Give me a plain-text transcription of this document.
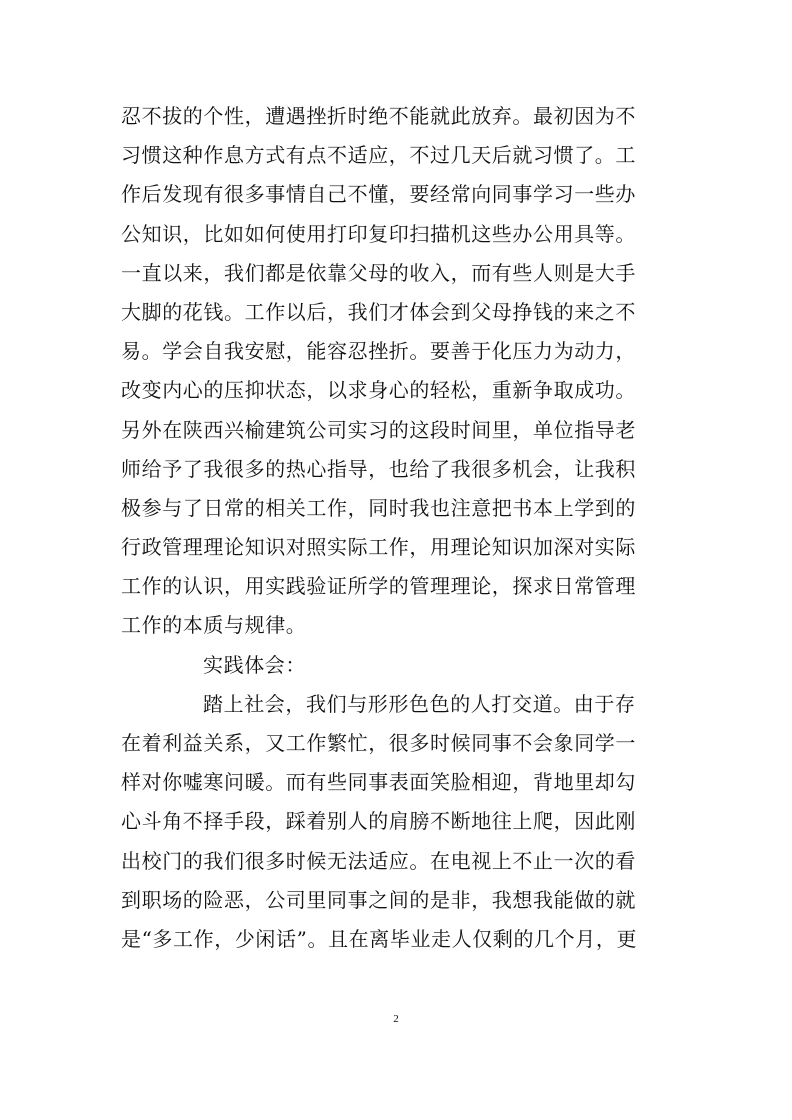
忍不拔的个性，遭遇挫折时绝不能就此放弃。最初因为不
习惯这种作息方式有点不适应，不过几天后就习惯了。工
作后发现有很多事情自己不懂，要经常向同事学习一些办
公知识，比如如何使用打印复印扫描机这些办公用具等。
一直以来，我们都是依靠父母的收入，而有些人则是大手
大脚的花钱。工作以后，我们才体会到父母挣钱的来之不
易。学会自我安慰，能容忍挫折。要善于化压力为动力，
改变内心的压抑状态，以求身心的轻松，重新争取成功。
另外在陕西兴榆建筑公司实习的这段时间里，单位指导老
师给予了我很多的热心指导，也给了我很多机会，让我积
极参与了日常的相关工作，同时我也注意把书本上学到的
行政管理理论知识对照实际工作，用理论知识加深对实际
工作的认识，用实践验证所学的管理理论，探求日常管理
工作的本质与规律。
实践体会：
踏上社会，我们与形形色色的人打交道。由于存
在着利益关系，又工作繁忙，很多时候同事不会象同学一
样对你嘘寒问暖。而有些同事表面笑脸相迎，背地里却勾
心斗角不择手段，踩着别人的肩膀不断地往上爬，因此刚
出校门的我们很多时候无法适应。在电视上不止一次的看
到职场的险恶，公司里同事之间的是非，我想我能做的就
是“多工作，少闲话”。且在离毕业走人仅剩的几个月，更
2
